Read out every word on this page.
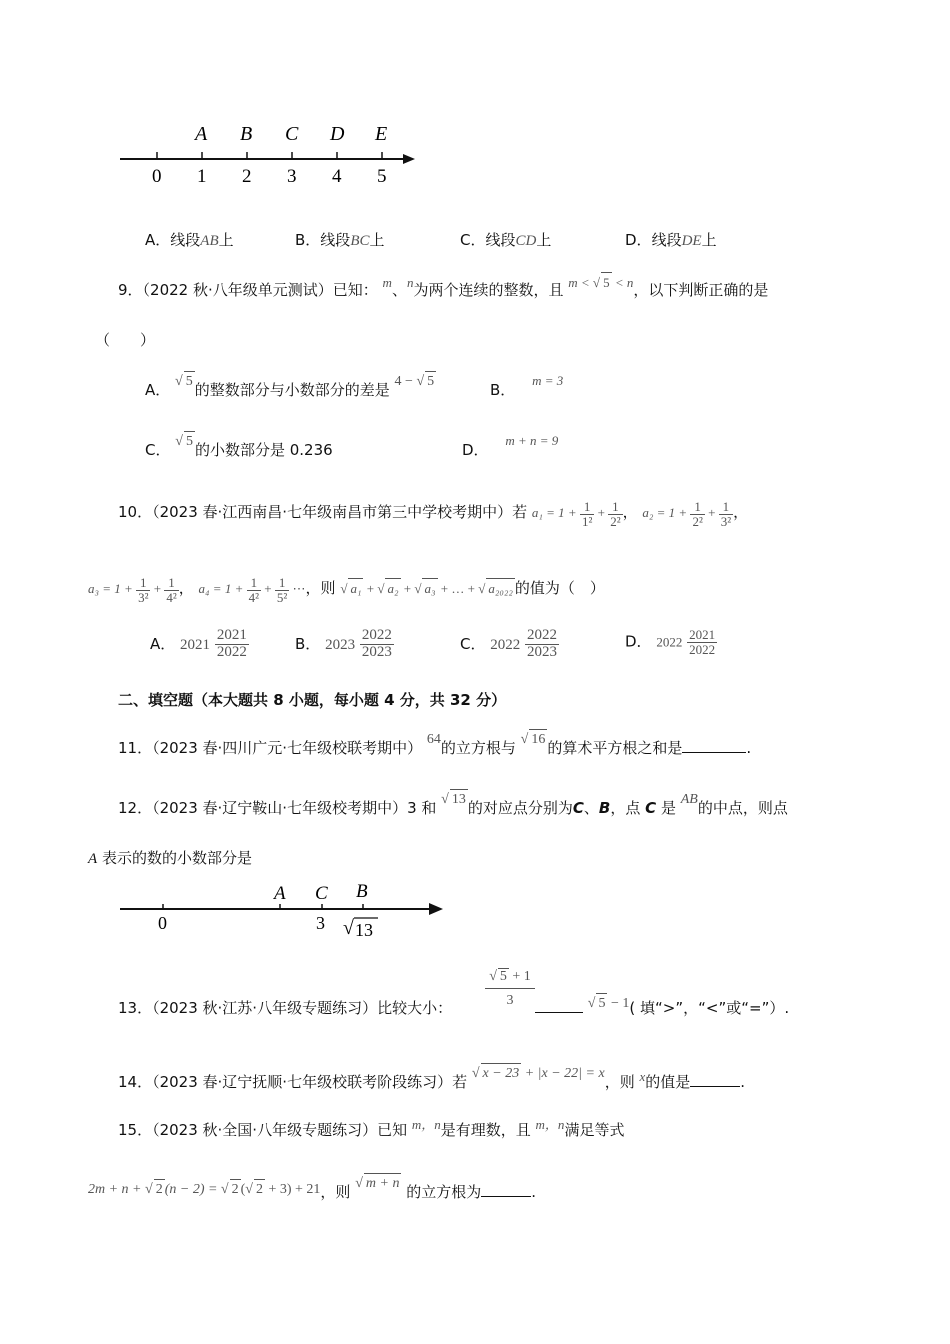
0 1 2 3 4 5
A B C D E
A．线段AB上	B．线段BC上	C．线段CD上	D．线段DE上
9．（2022 秋·八年级单元测试）已知： m、n为两个连续的整数，且 m < √ 5 < n，以下判断正确的是
（　　）
A． √ 5 的整数部分与小数部分的差是 4 − √ 5	B． m = 3
C． √ 5 的小数部分是 0.236	D． m + n = 9
10．（2023 春·江西南昌·七年级南昌市第三中学校考期中）若 $a_1 = 1 + \frac{1}{\text{1²}} + \frac{1}{\text{2²}}$ ， $a_2 = 1 + \frac{1}{\text{2²}} + \frac{1}{\text{3²}}$ ，
$a_3 = 1 + \frac{1}{\text{3²}} + \frac{1}{\text{4²}}$ ， $a_4 = 1 + \frac{1}{\text{4²}} + \frac{1}{\text{5²}}$ ⋯，则 √ a₁ + √ a₂ + √ a₃ + … + √ a₂₀₂₂ 的值为（　）
A． $2021 \frac{2021}{2022}$	B． $2023 \frac{2022}{2023}$	C． $2022 \frac{2022}{2023}$	D． $2022 \frac{2021}{2022}$
二、填空题（本大题共 8 小题，每小题 4 分，共 32 分）
11．（2023 春·四川广元·七年级校联考期中） 64的立方根与 √ 16 的算术平方根之和是	.
12．（2023 春·辽宁鞍山·七年级校考期中）3 和 √ 13 的对应点分别为C、B，点 C 是 AB的中点，则点
A 表示的数的小数部分是
A C B
0	3 √ 13
13．（2023 秋·江苏·八年级专题练习）比较大小：
√ 5 + 1
3	√ 5 − 1( 填“>”，“<”或“=”）.
14．（2023 春·辽宁抚顺·七年级校联考阶段练习）若 √ x − 23 + |x − 22| = x，则 x的值是	.
15．（2023 秋·全国·八年级专题练习）已知 m，n是有理数，且 m，n满足等式
2m + n + √ 2 (n − 2) = √ 2 (√ 2 + 3) + 21，则 √ m + n 的立方根为	.
